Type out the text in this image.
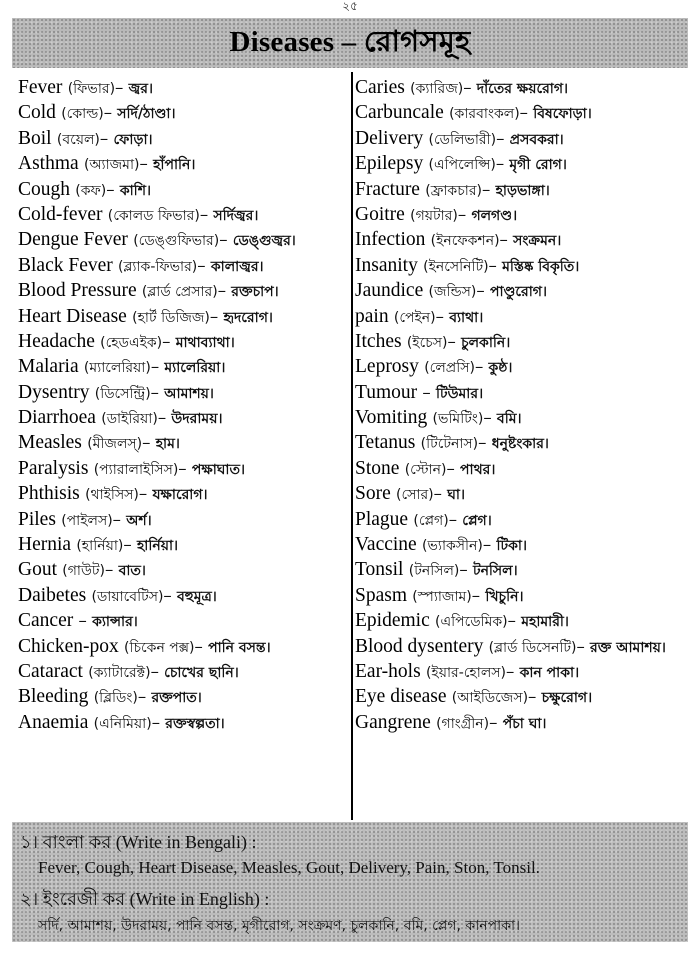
২৫
Diseases – রোগসমূহ
Fever (ফিভার)– জ্বর।
Cold (কোল্ড)– সর্দি/ঠাণ্ডা।
Boil (বয়েল)– ফোড়া।
Asthma (অ্যাজমা)– হাঁপানি।
Cough (কফ)– কাশি।
Cold-fever (কোলড ফিভার)– সর্দিজ্বর।
Dengue Fever (ডেঙ্গুফিভার)– ডেঙ্গুজ্বর।
Black Fever (ব্ল্যাক-ফিভার)– কালাজ্বর।
Blood Pressure (ব্লার্ড প্রেসার)– রক্তচাপ।
Heart Disease (হার্ট ডিজিজ)– হৃদরোগ।
Headache (হেডএইক)– মাথাব্যাথা।
Malaria (ম্যালেরিয়া)– ম্যালেরিয়া।
Dysentry (ডিসেন্ট্রি)– আমাশয়।
Diarrhoea (ডাইরিয়া)– উদরাময়।
Measles (মীজলস্)– হাম।
Paralysis (প্যারালাইসিস)– পক্ষাঘাত।
Phthisis (থাইসিস)– যক্ষারোগ।
Piles (পাইলস)– অর্শ।
Hernia (হার্নিয়া)– হার্নিয়া।
Gout (গাউট)– বাত।
Daibetes (ডায়াবেটিস)– বহুমূত্র।
Cancer – ক্যান্সার।
Chicken-pox (চিকেন পক্স)– পানি বসন্ত।
Cataract (ক্যাটারেক্ট)– চোখের ছানি।
Bleeding (ব্লিডিং)– রক্তপাত।
Anaemia (এনিমিয়া)– রক্তস্বল্পতা।
Caries (ক্যারিজ)– দাঁতের ক্ষয়রোগ।
Carbuncale (কারবাংকল)– বিষফোড়া।
Delivery (ডেলিভারী)– প্রসবকরা।
Epilepsy (এপিলেপ্সি)– মৃগী রোগ।
Fracture (ফ্রাকচার)– হাড়ভাঙ্গা।
Goitre (গয়টার)– গলগণ্ড।
Infection (ইনফেকশন)– সংক্রমন।
Insanity (ইনসেনিটি)– মস্তিষ্ক বিকৃতি।
Jaundice (জন্ডিস)– পাণ্ডুরোগ।
pain (পেইন)– ব্যাথা।
Itches (ইচেস)– চুলকানি।
Leprosy (লেপ্রসি)– কুষ্ঠ।
Tumour – টিউমার।
Vomiting (ভমিটিং)– বমি।
Tetanus (টিটেনাস)– ধনুষ্টংকার।
Stone (স্টোন)– পাথর।
Sore (সোর)– ঘা।
Plague (প্লেগ)– প্লেগ।
Vaccine (ভ্যাকসীন)– টিকা।
Tonsil (টনসিল)– টনসিল।
Spasm (স্প্যাজাম)– খিচুনি।
Epidemic (এপিডেমিক)– মহামারী।
Blood dysentery (ব্লার্ড ডিসেনটি)– রক্ত আমাশয়।
Ear-hols (ইয়ার-হোলস)– কান পাকা।
Eye disease (আইডিজেস)– চক্ষুরোগ।
Gangrene (গাংগ্রীন)– পঁচা ঘা।
১। বাংলা কর (Write in Bengali) :
Fever, Cough, Heart Disease, Measles, Gout, Delivery, Pain, Ston, Tonsil.
২। ইংরেজী কর (Write in English) :
সর্দি, আমাশয়, উদরাময়, পানি বসন্ত, মৃগীরোগ, সংক্রমণ, চুলকানি, বমি, প্লেগ, কানপাকা।
